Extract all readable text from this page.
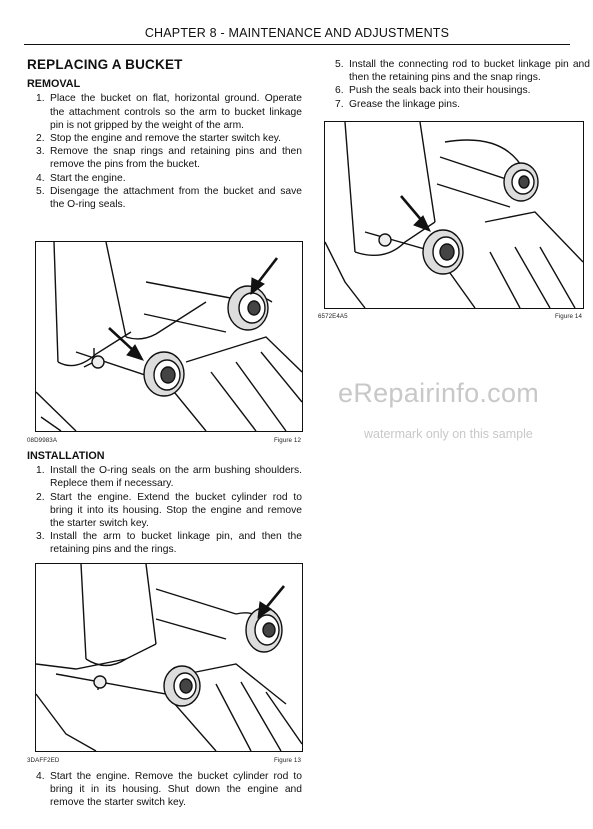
CHAPTER 8 - MAINTENANCE AND ADJUSTMENTS
REPLACING A BUCKET
REMOVAL
1. Place the bucket on flat, horizontal ground. Operate the attachment controls so the arm to bucket linkage pin is not gripped by the weight of the arm.
2. Stop the engine and remove the starter switch key.
3. Remove the snap rings and retaining pins and then remove the pins from the bucket.
4. Start the engine.
5. Disengage the attachment from the bucket and save the O-ring seals.
INSTALLATION
1. Install the O-ring seals on the arm bushing shoulders. Replece them if necessary.
2. Start the engine. Extend the bucket cylinder rod to bring it into its housing. Stop the engine and remove the starter switch key.
3. Install the arm to bucket linkage pin, and then the retaining pins and the rings.
4. Start the engine. Remove the bucket cylinder rod to bring it in its housing. Shut down the engine and remove the starter switch key.
5. Install the connecting rod to bucket linkage pin and then the retaining pins and the snap rings.
6. Push the seals back into their housings.
7. Grease the linkage pins.
08D9983A	Figure 12
3DAFF2ED	Figure 13
6572E4A5	Figure 14
eRepairinfo.com
watermark only on this sample
